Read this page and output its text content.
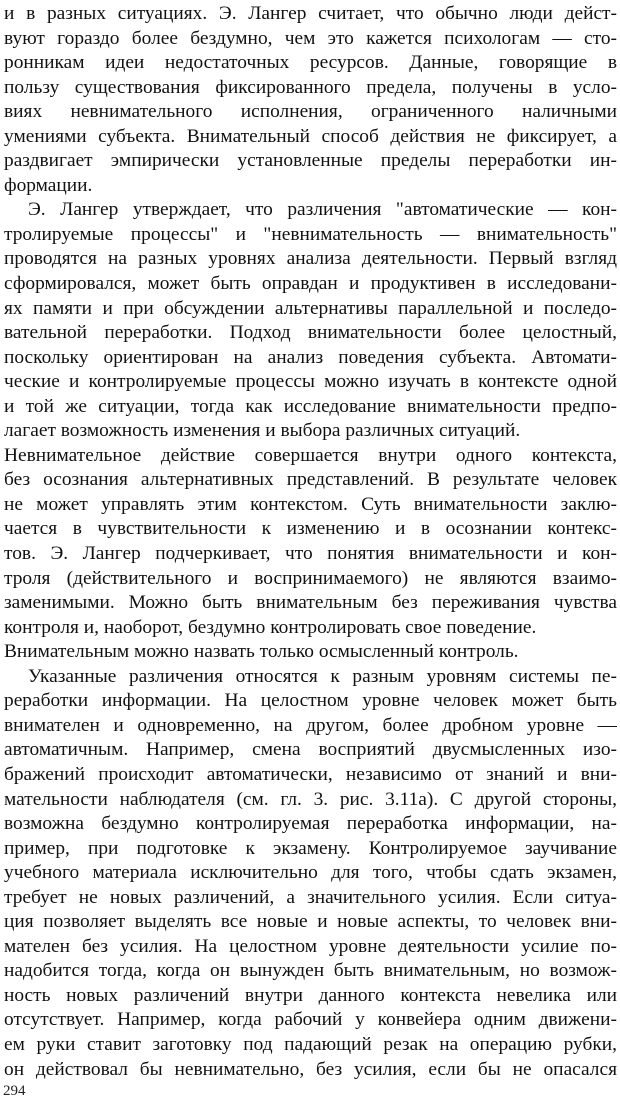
и в разных ситуациях. Э. Лангер считает, что обычно люди дейст-
вуют гораздо более бездумно, чем это кажется психологам — сто-
ронникам идеи недостаточных ресурсов. Данные, говорящие в
пользу существования фиксированного предела, получены в усло-
виях невнимательного исполнения, ограниченного наличными
умениями субъекта. Внимательный способ действия не фиксирует, а
раздвигает эмпирически установленные пределы переработки ин-
формации.
Э. Лангер утверждает, что различения "автоматические — кон-
тролируемые процессы" и "невнимательность — внимательность"
проводятся на разных уровнях анализа деятельности. Первый взгляд
сформировался, может быть оправдан и продуктивен в исследовани-
ях памяти и при обсуждении альтернативы параллельной и последо-
вательной переработки. Подход внимательности более целостный,
поскольку ориентирован на анализ поведения субъекта. Автомати-
ческие и контролируемые процессы можно изучать в контексте одной
и той же ситуации, тогда как исследование внимательности предпо-
лагает возможность изменения и выбора различных ситуаций.
Невнимательное действие совершается внутри одного контекста,
без осознания альтернативных представлений. В результате человек
не может управлять этим контекстом. Суть внимательности заклю-
чается в чувствительности к изменению и в осознании контекс-
тов. Э. Лангер подчеркивает, что понятия внимательности и кон-
троля (действительного и воспринимаемого) не являются взаимо-
заменимыми. Можно быть внимательным без переживания чувства
контроля и, наоборот, бездумно контролировать свое поведение.
Внимательным можно назвать только осмысленный контроль.
Указанные различения относятся к разным уровням системы пе-
реработки информации. На целостном уровне человек может быть
внимателен и одновременно, на другом, более дробном уровне —
автоматичным. Например, смена восприятий двусмысленных изо-
бражений происходит автоматически, независимо от знаний и вни-
мательности наблюдателя (см. гл. 3. рис. 3.11а). С другой стороны,
возможна бездумно контролируемая переработка информации, на-
пример, при подготовке к экзамену. Контролируемое заучивание
учебного материала исключительно для того, чтобы сдать экзамен,
требует не новых различений, а значительного усилия. Если ситуа-
ция позволяет выделять все новые и новые аспекты, то человек вни-
мателен без усилия. На целостном уровне деятельности усилие по-
надобится тогда, когда он вынужден быть внимательным, но возмож-
ность новых различений внутри данного контекста невелика или
отсутствует. Например, когда рабочий у конвейера одним движени-
ем руки ставит заготовку под падающий резак на операцию рубки,
он действовал бы невнимательно, без усилия, если бы не опасался
294
